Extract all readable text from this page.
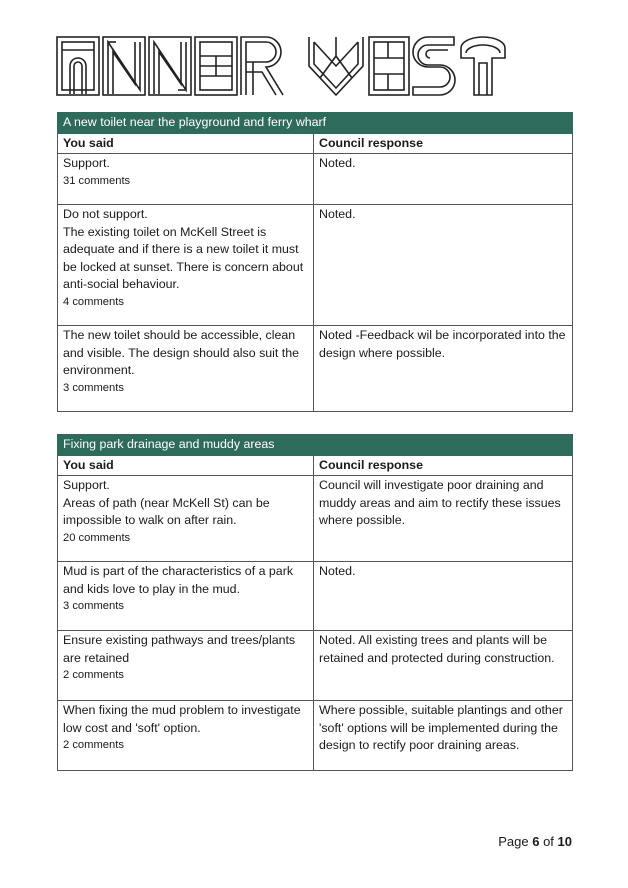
A new toilet near the playground and ferry wharf	
You said	Council response

Support.
31 comments	Noted.

Do not support.
The existing toilet on McKell Street is adequate and if there is a new toilet it must be locked at sunset. There is concern about anti-social behaviour.
4 comments	Noted.

The new toilet should be accessible, clean and visible. The design should also suit the environment.
3 comments	Noted -Feedback wil be incorporated into the design where possible.
Fixing park drainage and muddy areas	
You said	Council response

Support.
Areas of path (near McKell St) can be impossible to walk on after rain.
20 comments	Council will investigate poor draining and muddy areas and aim to rectify these issues where possible.

Mud is part of the characteristics of a park and kids love to play in the mud.
3 comments	Noted.

Ensure existing pathways and trees/plants are retained
2 comments	Noted. All existing trees and plants will be retained and protected during construction.

When fixing the mud problem to investigate low cost and 'soft' option.
2 comments	Where possible, suitable plantings and other 'soft' options will be implemented during the design to rectify poor draining areas.
Page 6 of 10
